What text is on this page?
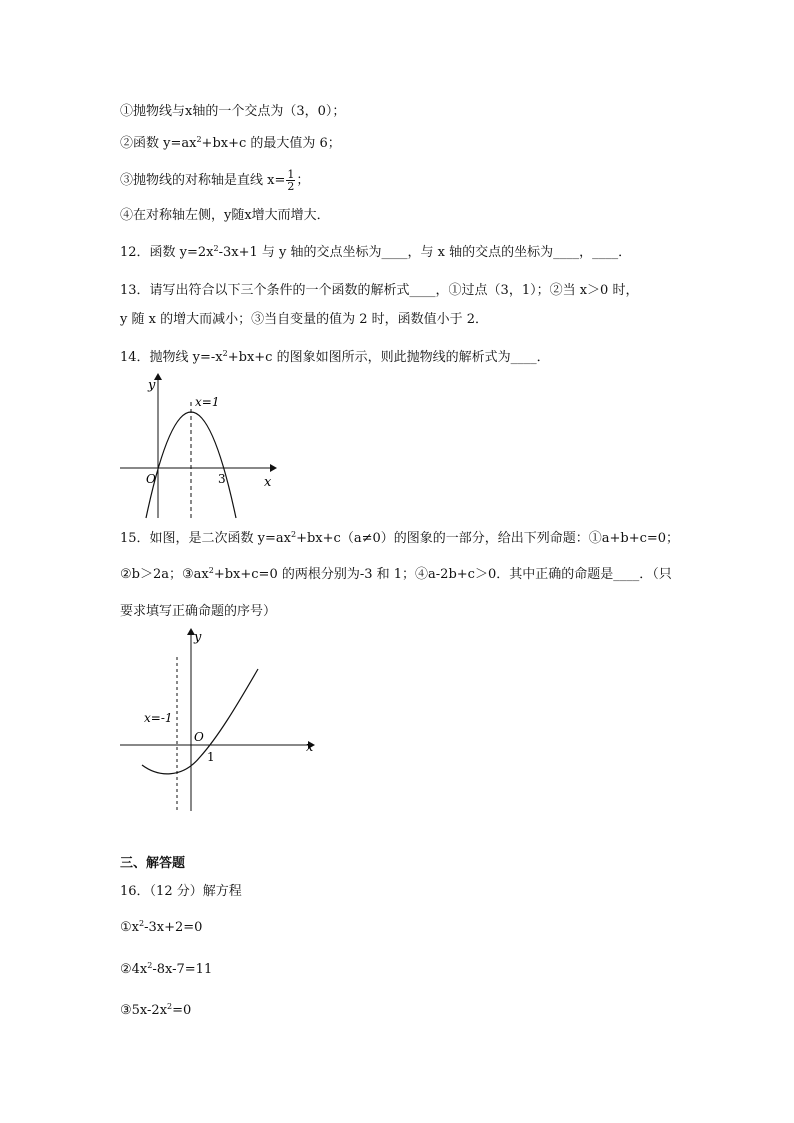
①抛物线与x轴的一个交点为（3，0）；
②函数 $y=ax^2+bx+c$ 的最大值为 6；
③抛物线的对称轴是直线 $x= \frac{1}{2}$ ；
④在对称轴左侧，y随x增大而增大．
12．函数 $y=2x^2-3x+1$ 与 y 轴的交点坐标为____，与 x 轴的交点的坐标为____，____．
13．请写出符合以下三个条件的一个函数的解析式____，①过点（3，1）；②当 x＞0 时，
y 随 x 的增大而减小；③当自变量的值为 2 时，函数值小于 2．
14．抛物线 $y=-x^2+bx+c$ 的图象如图所示，则此抛物线的解析式为____．
y
x
O	3
x=1
15．如图，是二次函数 $y=ax^2+bx+c(a\ne 0)$的图象的一部分，给出下列命题：①a+b+c=0；
②b＞2a；$③ax^2+bx+c=0$ 的两根分别为-3 和 1；④a-2b+c＞0．其中正确的命题是____．（只
要求填写正确命题的序号）
y
x
O
1
x=-1
三、解答题
16．（12 分）解方程
$①x^2-3x+2=0$
$②4x^2-8x-7=11$
$③5x-2x^2=0$
